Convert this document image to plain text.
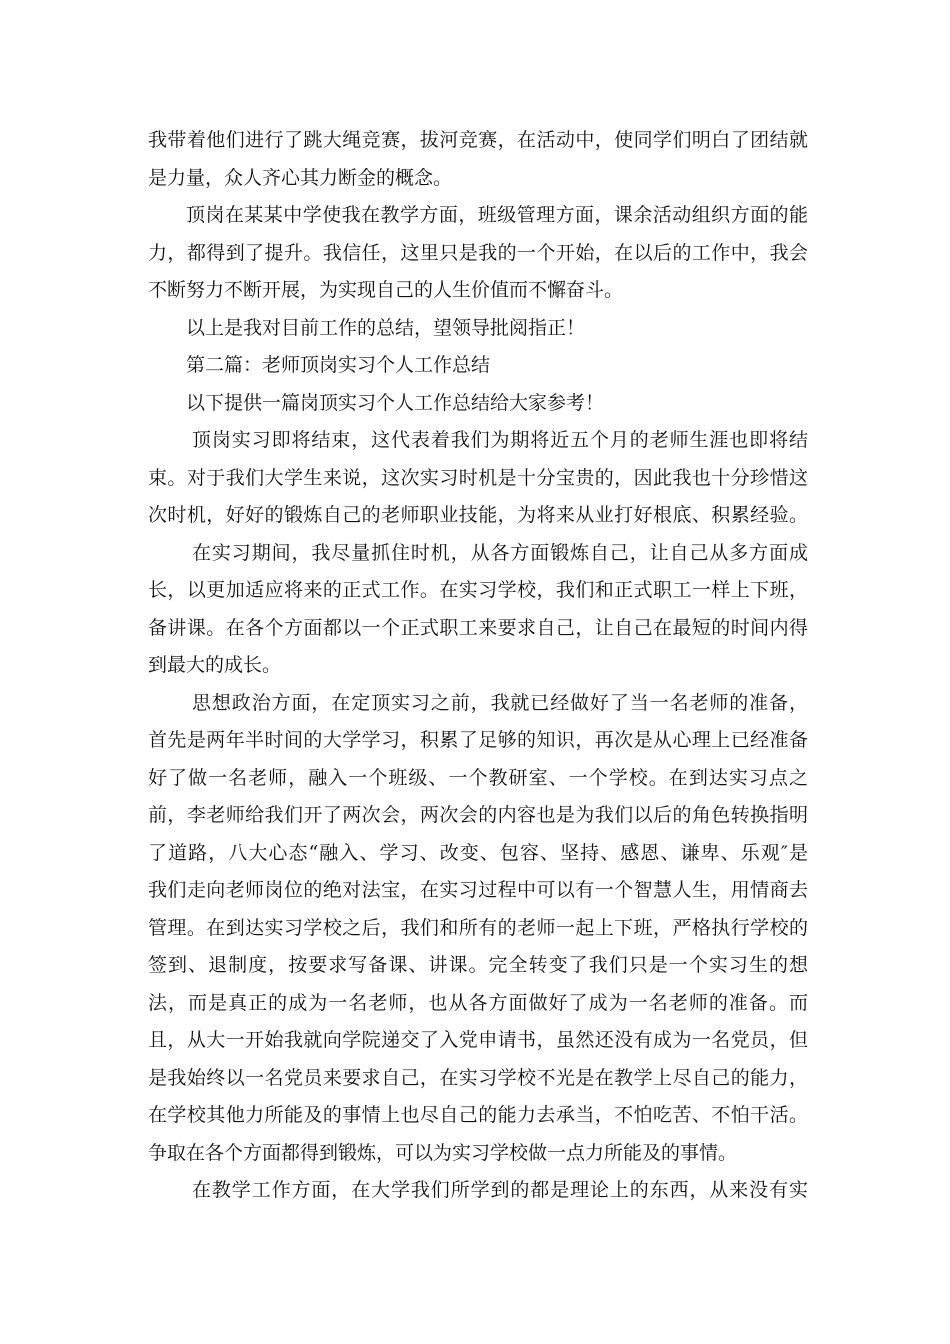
我带着他们进行了跳大绳竞赛，拔河竞赛，在活动中，使同学们明白了团结就
是力量，众人齐心其力断金的概念。
顶岗在某某中学使我在教学方面，班级管理方面，课余活动组织方面的能
力，都得到了提升。我信任，这里只是我的一个开始，在以后的工作中，我会
不断努力不断开展，为实现自己的人生价值而不懈奋斗。
以上是我对目前工作的总结，望领导批阅指正！
第二篇：老师顶岗实习个人工作总结
以下提供一篇岗顶实习个人工作总结给大家参考！
顶岗实习即将结束，这代表着我们为期将近五个月的老师生涯也即将结
束。对于我们大学生来说，这次实习时机是十分宝贵的，因此我也十分珍惜这
次时机，好好的锻炼自己的老师职业技能，为将来从业打好根底、积累经验。
在实习期间，我尽量抓住时机，从各方面锻炼自己，让自己从多方面成
长，以更加适应将来的正式工作。在实习学校，我们和正式职工一样上下班，
备讲课。在各个方面都以一个正式职工来要求自己，让自己在最短的时间内得
到最大的成长。
思想政治方面，在定顶实习之前，我就已经做好了当一名老师的准备，
首先是两年半时间的大学学习，积累了足够的知识，再次是从心理上已经准备
好了做一名老师，融入一个班级、一个教研室、一个学校。在到达实习点之
前，李老师给我们开了两次会，两次会的内容也是为我们以后的角色转换指明
了道路，八大心态“融入、学习、改变、包容、坚持、感恩、谦卑、乐观″是
我们走向老师岗位的绝对法宝，在实习过程中可以有一个智慧人生，用情商去
管理。在到达实习学校之后，我们和所有的老师一起上下班，严格执行学校的
签到、退制度，按要求写备课、讲课。完全转变了我们只是一个实习生的想
法，而是真正的成为一名老师，也从各方面做好了成为一名老师的准备。而
且，从大一开始我就向学院递交了入党申请书，虽然还没有成为一名党员，但
是我始终以一名党员来要求自己，在实习学校不光是在教学上尽自己的能力，
在学校其他力所能及的事情上也尽自己的能力去承当，不怕吃苦、不怕干活。
争取在各个方面都得到锻炼，可以为实习学校做一点力所能及的事情。
在教学工作方面，在大学我们所学到的都是理论上的东西，从来没有实
